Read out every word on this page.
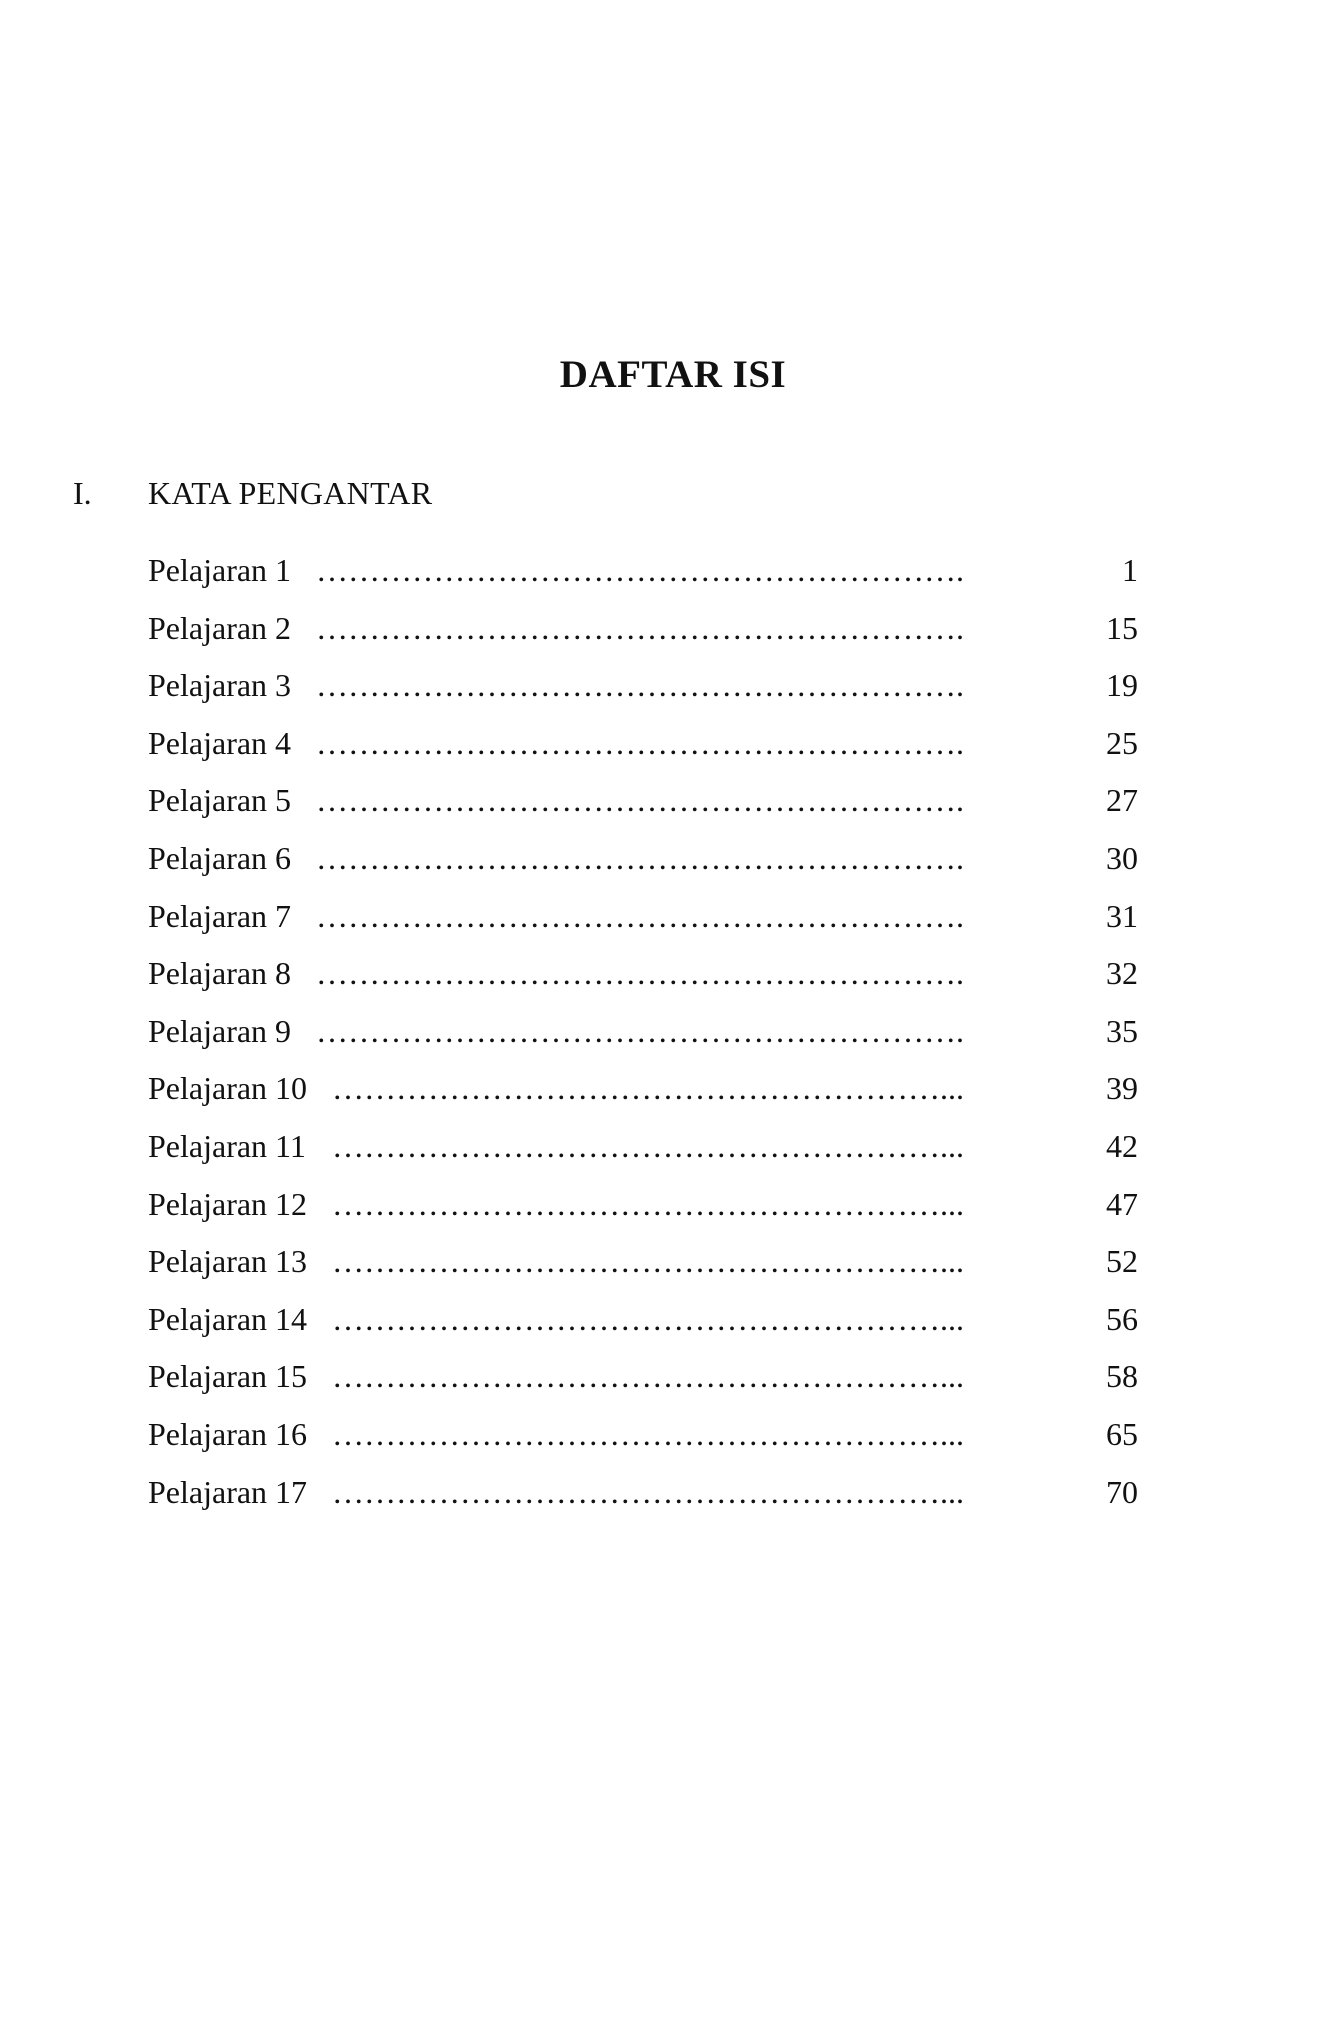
DAFTAR ISI
I. KATA PENGANTAR
Pelajaran 1 …………………………………………………….	1
Pelajaran 2 …………………………………………………….	15
Pelajaran 3 …………………………………………………….	19
Pelajaran 4 …………………………………………………….	25
Pelajaran 5 …………………………………………………….	27
Pelajaran 6 …………………………………………………….	30
Pelajaran 7 …………………………………………………….	31
Pelajaran 8 …………………………………………………….	32
Pelajaran 9 …………………………………………………….	35
Pelajaran 10 …………………………………………………...	39
Pelajaran 11 …………………………………………………...	42
Pelajaran 12 …………………………………………………...	47
Pelajaran 13 …………………………………………………...	52
Pelajaran 14 …………………………………………………...	56
Pelajaran 15 …………………………………………………...	58
Pelajaran 16 …………………………………………………...	65
Pelajaran 17 …………………………………………………...	70
